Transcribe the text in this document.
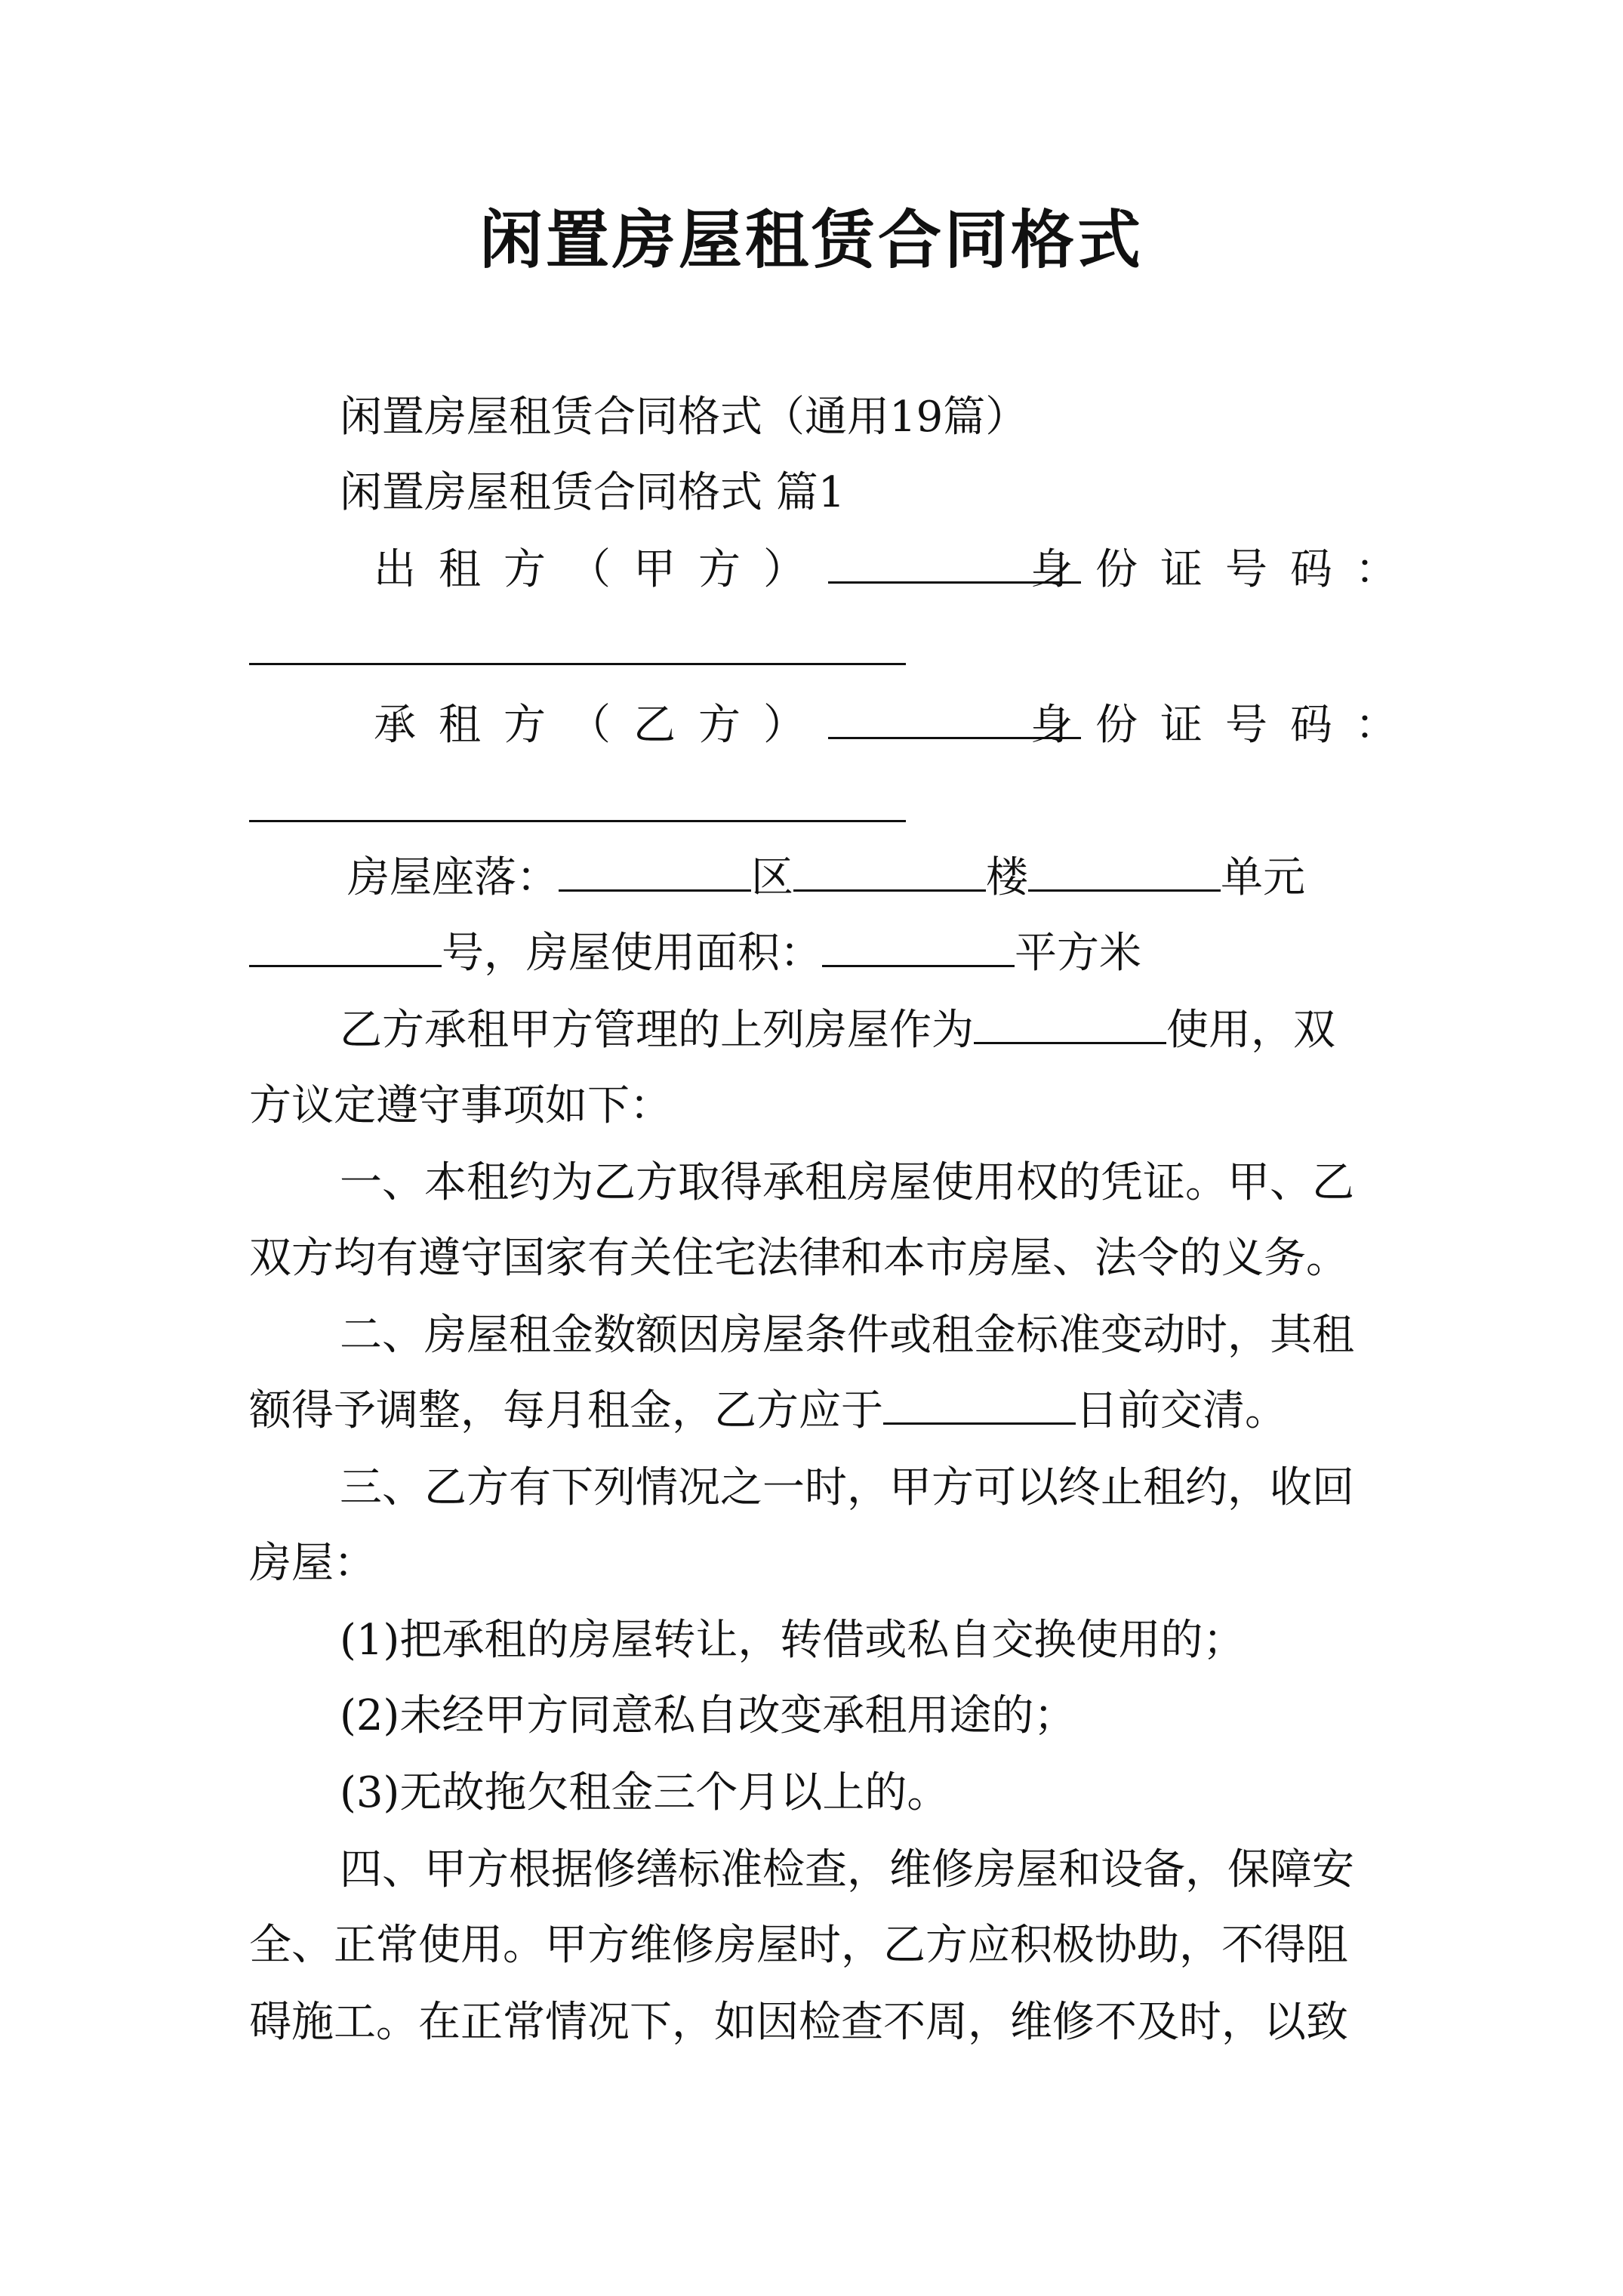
闲置房屋租赁合同格式
闲置房屋租赁合同格式（通用19篇）
闲置房屋租赁合同格式 篇1
出租方（甲方）	身份证号码：
承租方（乙方）	身份证号码：
房屋座落：	区	楼	单元
号，房屋使用面积：	平方米
乙方承租甲方管理的上列房屋作为	使用，双
方议定遵守事项如下：
一、本租约为乙方取得承租房屋使用权的凭证。甲、乙
双方均有遵守国家有关住宅法律和本市房屋、法令的义务。
二、房屋租金数额因房屋条件或租金标准变动时，其租
额得予调整，每月租金，乙方应于	日前交清。
三、乙方有下列情况之一时，甲方可以终止租约，收回
房屋：
(1)把承租的房屋转让，转借或私自交换使用的；
(2)未经甲方同意私自改变承租用途的；
(3)无故拖欠租金三个月以上的。
四、甲方根据修缮标准检查，维修房屋和设备，保障安
全、正常使用。甲方维修房屋时，乙方应积极协助，不得阻
碍施工。在正常情况下，如因检查不周，维修不及时，以致
